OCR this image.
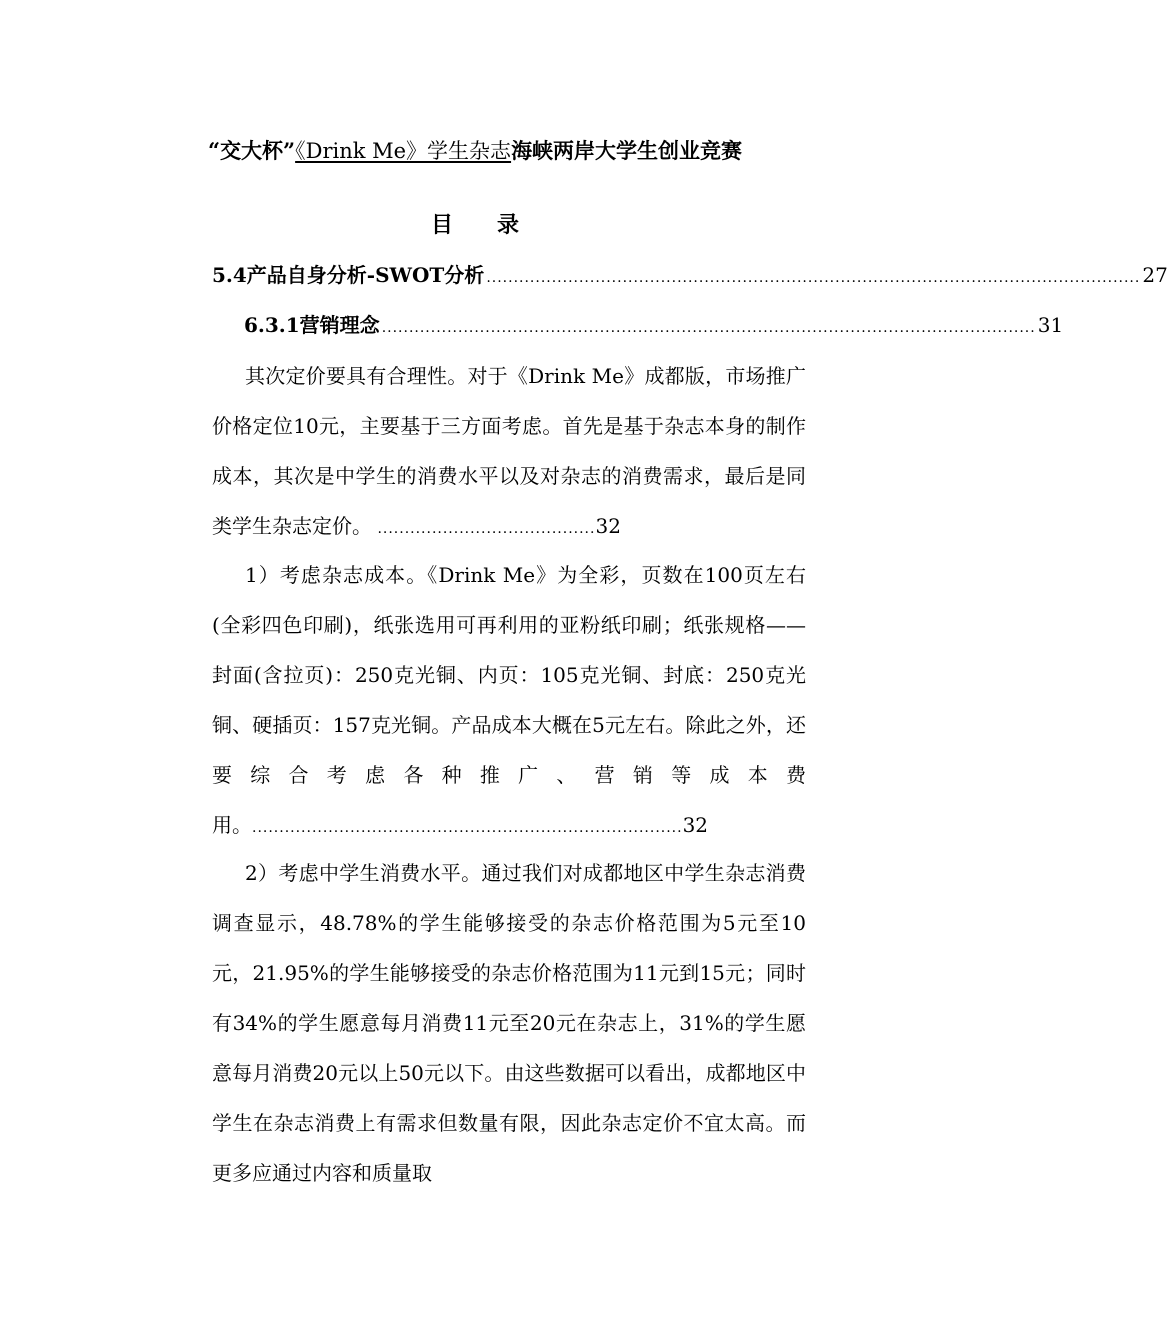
“交大杯”《Drink Me》学生杂志海峡两岸大学生创业竞赛
目 录
5.4产品自身分析-SWOT分析 ........................................................................................................................ 27
6.3.1营销理念 ........................................................................................................................ 31
其次定价要具有合理性。对于《Drink Me》成都版，市场推广价格定位10元，主要基于三方面考虑。首先是基于杂志本身的制作成本，其次是中学生的消费水平以及对杂志的消费需求，最后是同类学生杂志定价。 ........................................32
1）考虑杂志成本。《Drink Me》为全彩，页数在100页左右(全彩四色印刷)，纸张选用可再利用的亚粉纸印刷；纸张规格——封面(含拉页)：250克光铜、内页：105克光铜、封底：250克光铜、硬插页：157克光铜。产品成本大概在5元左右。除此之外，还要综合考虑各种推广、营销等成本费用。...............................................................................32
2）考虑中学生消费水平。通过我们对成都地区中学生杂志消费调查显示，48.78%的学生能够接受的杂志价格范围为5元至10元，21.95%的学生能够接受的杂志价格范围为11元到15元；同时有34%的学生愿意每月消费11元至20元在杂志上，31%的学生愿意每月消费20元以上50元以下。由这些数据可以看出，成都地区中学生在杂志消费上有需求但数量有限，因此杂志定价不宜太高。而更多应通过内容和质量取
